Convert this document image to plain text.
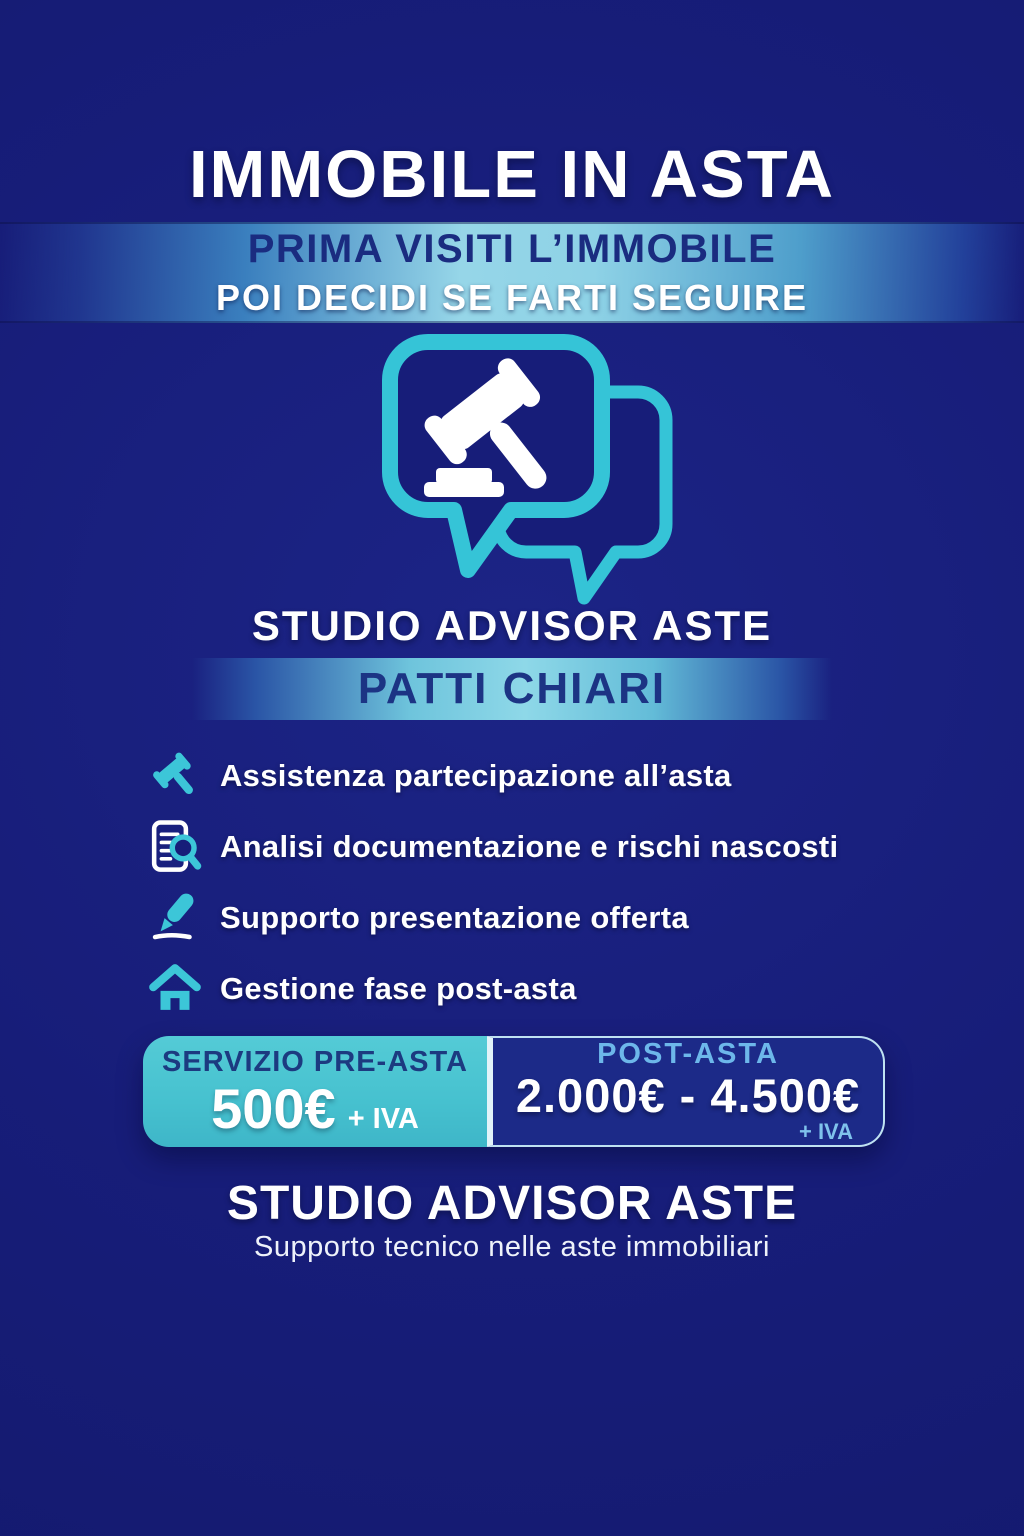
IMMOBILE IN ASTA
PRIMA VISITI L’IMMOBILE
POI DECIDI SE FARTI SEGUIRE
STUDIO ADVISOR ASTE
PATTI CHIARI
Assistenza partecipazione all’asta
Analisi documentazione e rischi nascosti
Supporto presentazione offerta
Gestione fase post-asta
SERVIZIO PRE-ASTA
500€ + IVA
POST-ASTA
2.000€ - 4.500€
+ IVA
STUDIO ADVISOR ASTE
Supporto tecnico nelle aste immobiliari
